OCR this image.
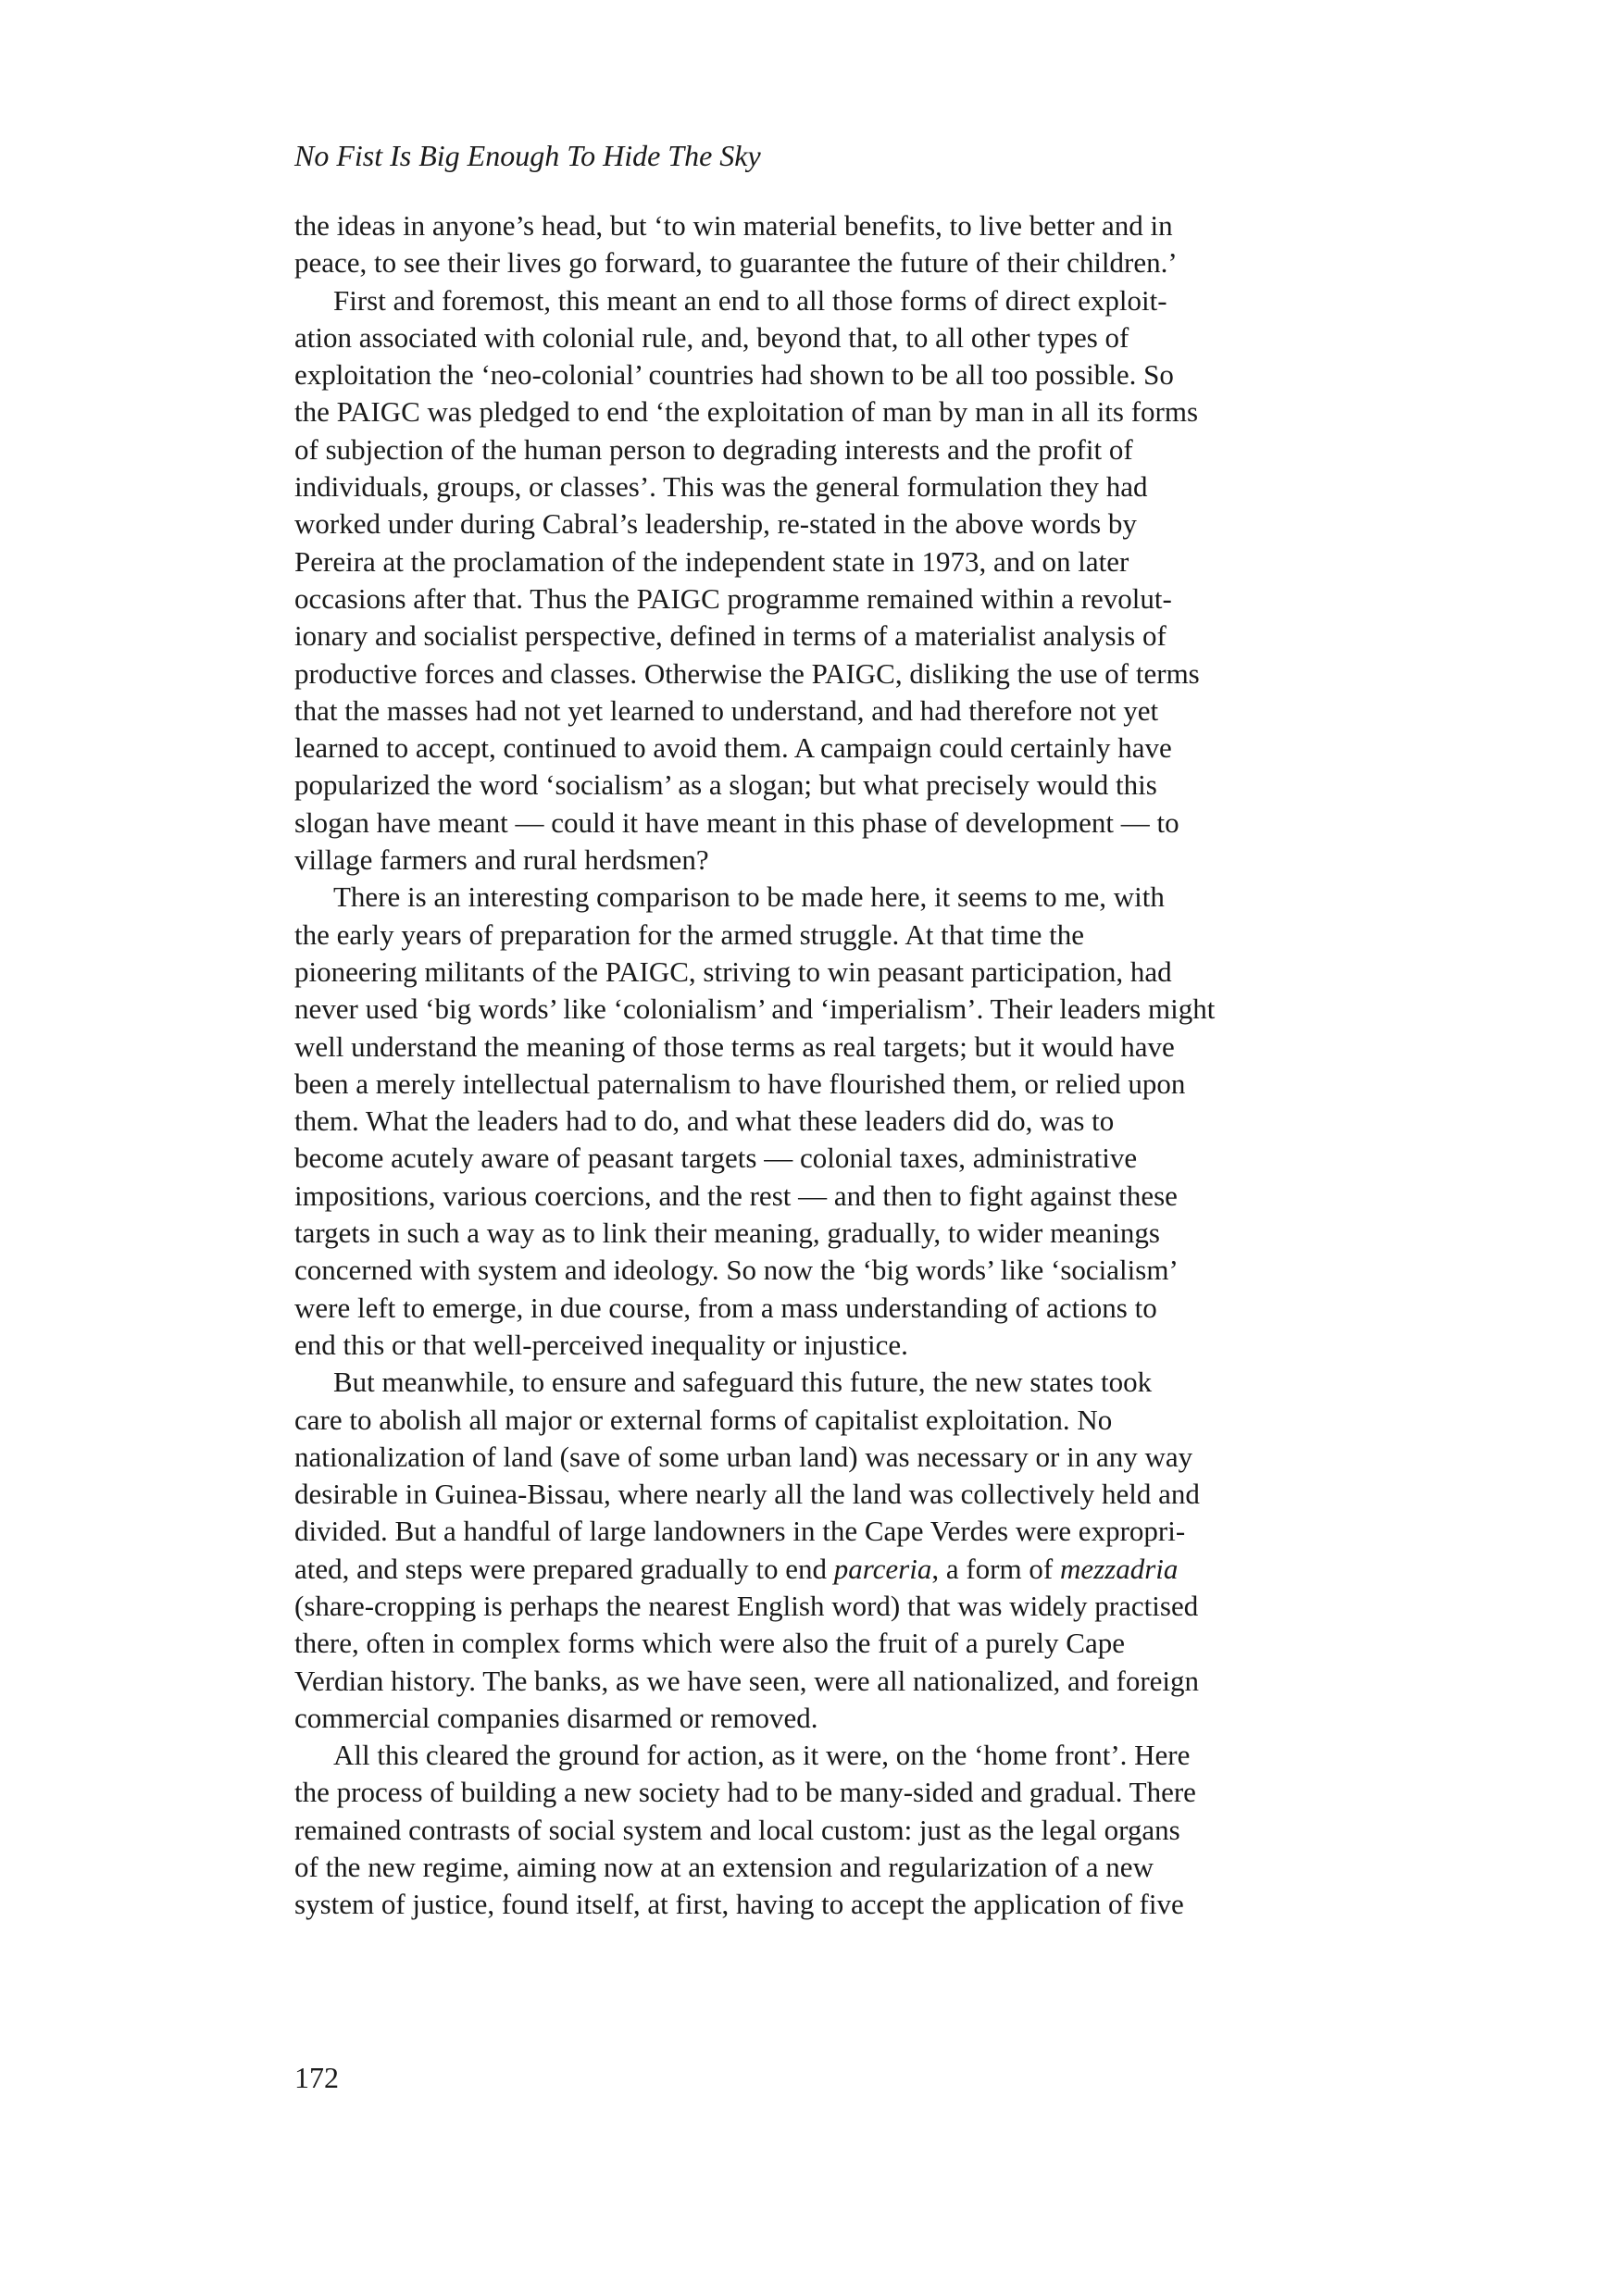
No Fist Is Big Enough To Hide The Sky
the ideas in anyone’s head, but ‘to win material benefits, to live better and in
peace, to see their lives go forward, to guarantee the future of their children.’
First and foremost, this meant an end to all those forms of direct exploit-
ation associated with colonial rule, and, beyond that, to all other types of
exploitation the ‘neo-colonial’ countries had shown to be all too possible. So
the PAIGC was pledged to end ‘the exploitation of man by man in all its forms
of subjection of the human person to degrading interests and the profit of
individuals, groups, or classes’. This was the general formulation they had
worked under during Cabral’s leadership, re-stated in the above words by
Pereira at the proclamation of the independent state in 1973, and on later
occasions after that. Thus the PAIGC programme remained within a revolut-
ionary and socialist perspective, defined in terms of a materialist analysis of
productive forces and classes. Otherwise the PAIGC, disliking the use of terms
that the masses had not yet learned to understand, and had therefore not yet
learned to accept, continued to avoid them. A campaign could certainly have
popularized the word ‘socialism’ as a slogan; but what precisely would this
slogan have meant — could it have meant in this phase of development — to
village farmers and rural herdsmen?
There is an interesting comparison to be made here, it seems to me, with
the early years of preparation for the armed struggle. At that time the
pioneering militants of the PAIGC, striving to win peasant participation, had
never used ‘big words’ like ‘colonialism’ and ‘imperialism’. Their leaders might
well understand the meaning of those terms as real targets; but it would have
been a merely intellectual paternalism to have flourished them, or relied upon
them. What the leaders had to do, and what these leaders did do, was to
become acutely aware of peasant targets — colonial taxes, administrative
impositions, various coercions, and the rest — and then to fight against these
targets in such a way as to link their meaning, gradually, to wider meanings
concerned with system and ideology. So now the ‘big words’ like ‘socialism’
were left to emerge, in due course, from a mass understanding of actions to
end this or that well-perceived inequality or injustice.
But meanwhile, to ensure and safeguard this future, the new states took
care to abolish all major or external forms of capitalist exploitation. No
nationalization of land (save of some urban land) was necessary or in any way
desirable in Guinea-Bissau, where nearly all the land was collectively held and
divided. But a handful of large landowners in the Cape Verdes were expropri-
ated, and steps were prepared gradually to end parceria, a form of mezzadria
(share-cropping is perhaps the nearest English word) that was widely practised
there, often in complex forms which were also the fruit of a purely Cape
Verdian history. The banks, as we have seen, were all nationalized, and foreign
commercial companies disarmed or removed.
All this cleared the ground for action, as it were, on the ‘home front’. Here
the process of building a new society had to be many-sided and gradual. There
remained contrasts of social system and local custom: just as the legal organs
of the new regime, aiming now at an extension and regularization of a new
system of justice, found itself, at first, having to accept the application of five
172
